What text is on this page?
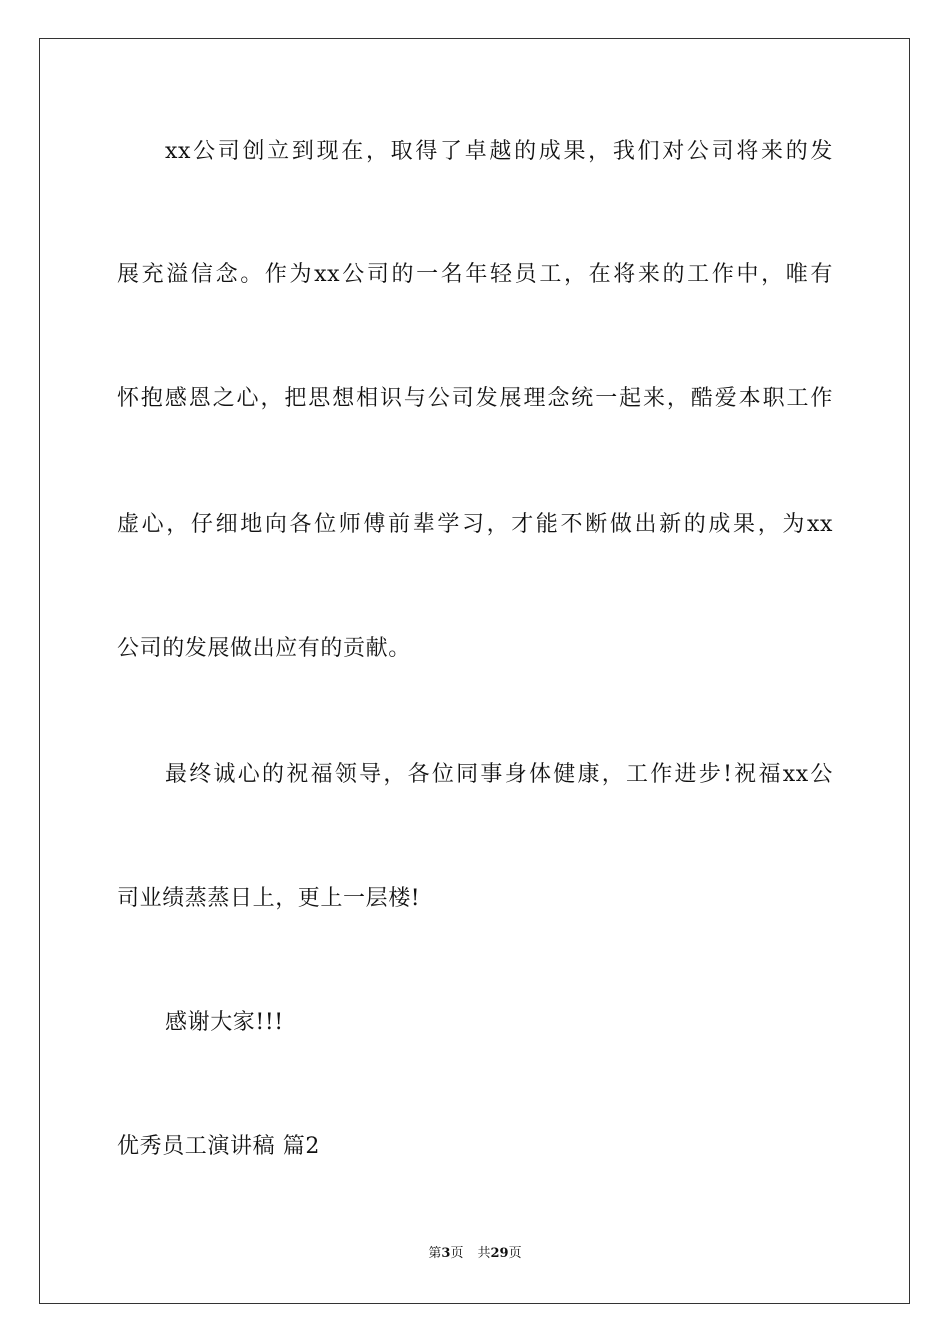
xx公司创立到现在，取得了卓越的成果，我们对公司将来的发
展充溢信念。作为xx公司的一名年轻员工，在将来的工作中，唯有
怀抱感恩之心，把思想相识与公司发展理念统一起来，酷爱本职工作
虚心，仔细地向各位师傅前辈学习，才能不断做出新的成果，为xx
公司的发展做出应有的贡献。
最终诚心的祝福领导，各位同事身体健康，工作进步!祝福xx公
司业绩蒸蒸日上，更上一层楼!
感谢大家!!!
优秀员工演讲稿 篇2
第3页 共29页
